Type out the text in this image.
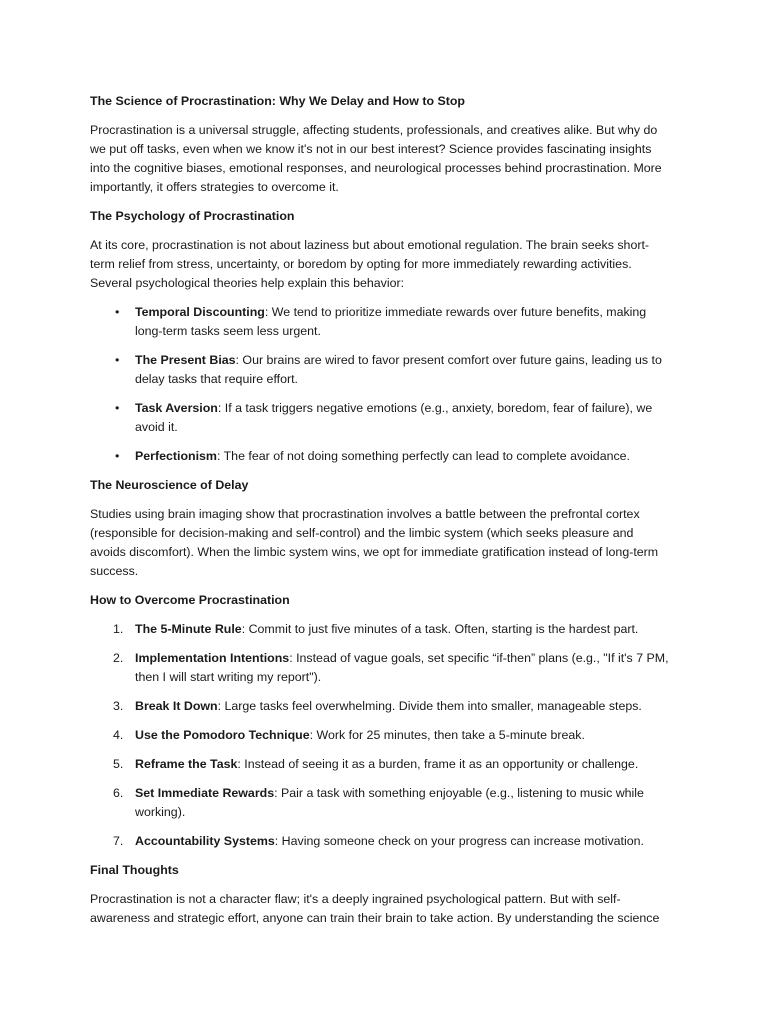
The Science of Procrastination: Why We Delay and How to Stop

Procrastination is a universal struggle, affecting students, professionals, and creatives alike. But why do we put off tasks, even when we know it's not in our best interest? Science provides fascinating insights into the cognitive biases, emotional responses, and neurological processes behind procrastination. More importantly, it offers strategies to overcome it.

The Psychology of Procrastination

At its core, procrastination is not about laziness but about emotional regulation. The brain seeks short-term relief from stress, uncertainty, or boredom by opting for more immediately rewarding activities. Several psychological theories help explain this behavior:

• Temporal Discounting: We tend to prioritize immediate rewards over future benefits, making long-term tasks seem less urgent.
• The Present Bias: Our brains are wired to favor present comfort over future gains, leading us to delay tasks that require effort.
• Task Aversion: If a task triggers negative emotions (e.g., anxiety, boredom, fear of failure), we avoid it.
• Perfectionism: The fear of not doing something perfectly can lead to complete avoidance.
The Neuroscience of Delay

Studies using brain imaging show that procrastination involves a battle between the prefrontal cortex (responsible for decision-making and self-control) and the limbic system (which seeks pleasure and avoids discomfort). When the limbic system wins, we opt for immediate gratification instead of long-term success.

How to Overcome Procrastination
1. The 5-Minute Rule: Commit to just five minutes of a task. Often, starting is the hardest part.
2. Implementation Intentions: Instead of vague goals, set specific “if-then” plans (e.g., "If it's 7 PM, then I will start writing my report").
3. Break It Down: Large tasks feel overwhelming. Divide them into smaller, manageable steps.
4. Use the Pomodoro Technique: Work for 25 minutes, then take a 5-minute break.
5. Reframe the Task: Instead of seeing it as a burden, frame it as an opportunity or challenge.
6. Set Immediate Rewards: Pair a task with something enjoyable (e.g., listening to music while working).
7. Accountability Systems: Having someone check on your progress can increase motivation.
Final Thoughts

Procrastination is not a character flaw; it's a deeply ingrained psychological pattern. But with self-awareness and strategic effort, anyone can train their brain to take action. By understanding the science
